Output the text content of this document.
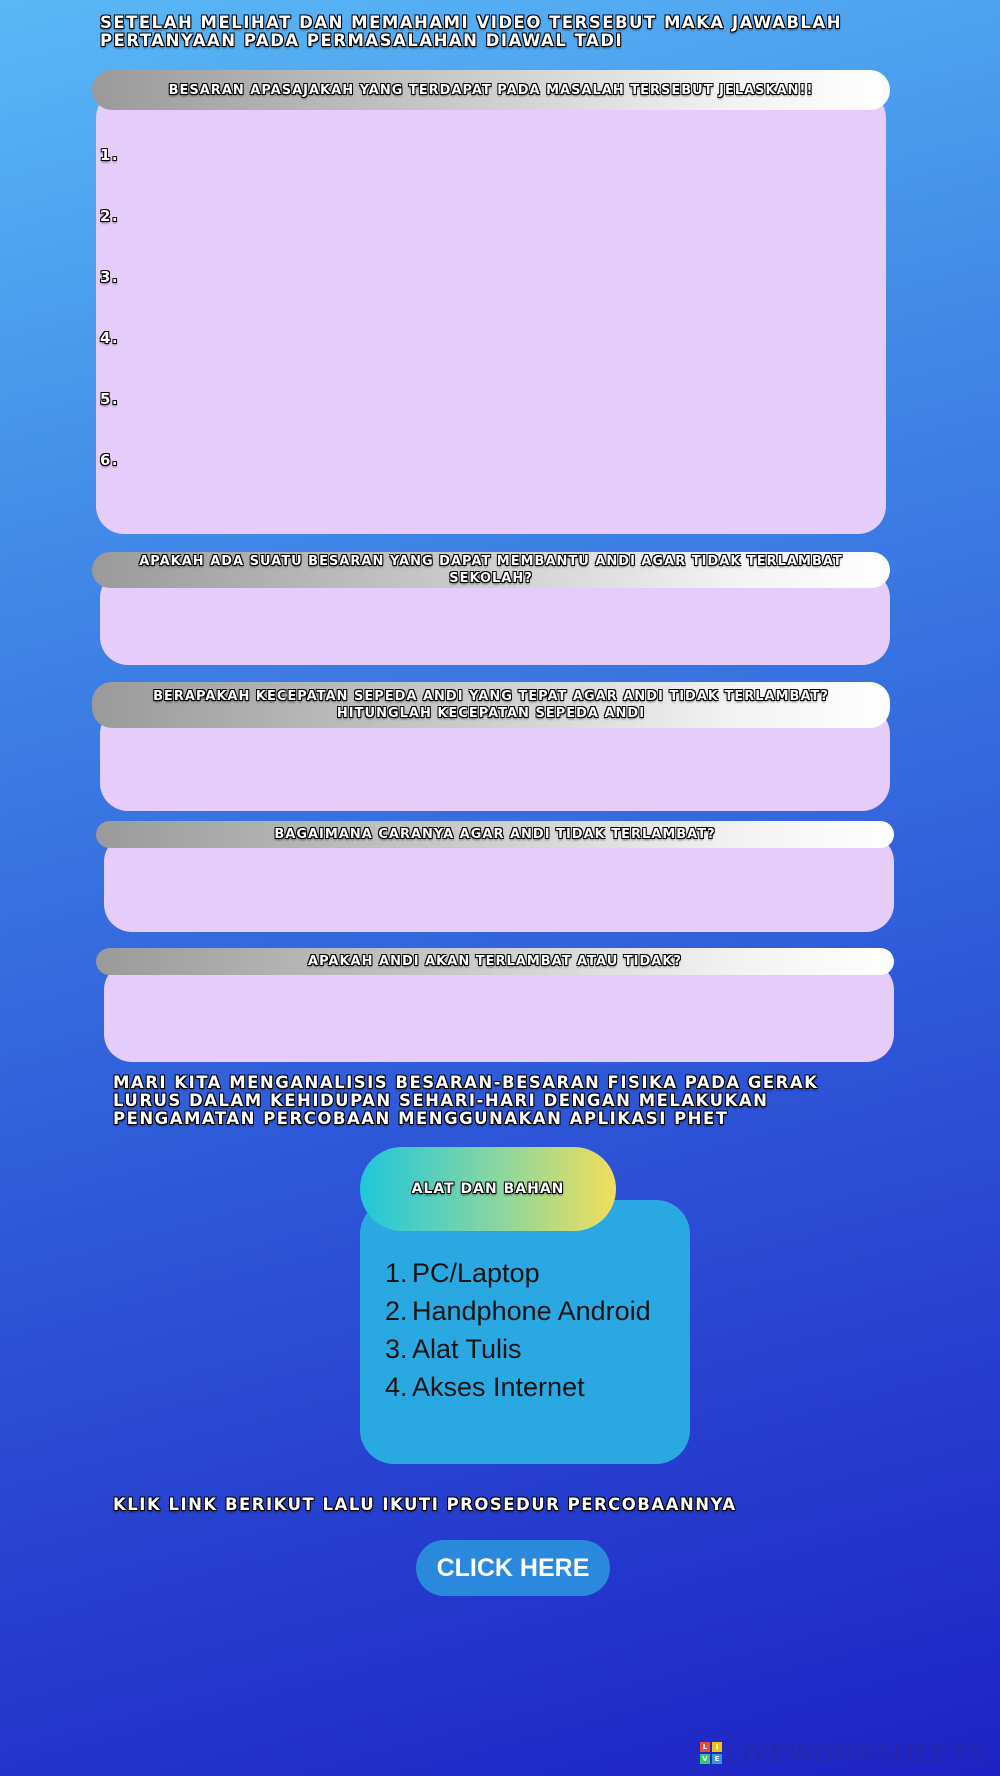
SETELAH MELIHAT DAN MEMAHAMI VIDEO TERSEBUT MAKA JAWABLAH PERTANYAAN PADA PERMASALAHAN DIAWAL TADI
BESARAN APASAJAKAH YANG TERDAPAT PADA MASALAH TERSEBUT JELASKAN!!
1.
2.
3.
4.
5.
6.
APAKAH ADA SUATU BESARAN YANG DAPAT MEMBANTU ANDI AGAR TIDAK TERLAMBAT SEKOLAH?
BERAPAKAH KECEPATAN SEPEDA ANDI YANG TEPAT AGAR ANDI TIDAK TERLAMBAT? HITUNGLAH KECEPATAN SEPEDA ANDI
BAGAIMANA CARANYA AGAR ANDI TIDAK TERLAMBAT?
APAKAH ANDI AKAN TERLAMBAT ATAU TIDAK?
MARI KITA MENGANALISIS BESARAN-BESARAN FISIKA PADA GERAK LURUS DALAM KEHIDUPAN SEHARI-HARI DENGAN MELAKUKAN PENGAMATAN PERCOBAAN MENGGUNAKAN APLIKASI PHET
ALAT DAN BAHAN
1. PC/Laptop
2. Handphone Android
3. Alat Tulis
4. Akses Internet
KLIK LINK BERIKUT LALU IKUTI PROSEDUR PERCOBAANNYA
CLICK HERE
L	I
V E LIVEWORKSHEETS
